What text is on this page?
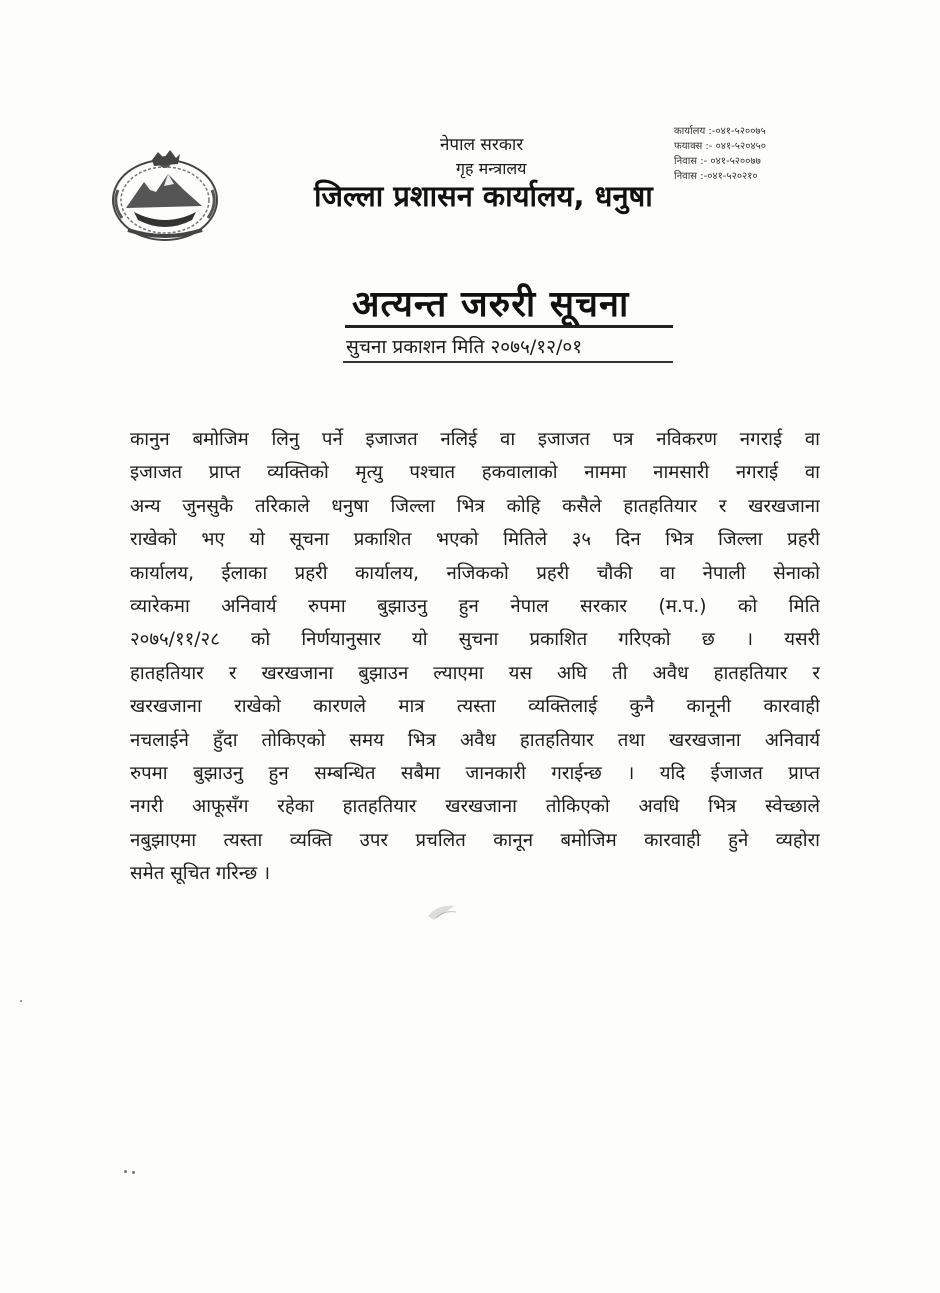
नेपाल सरकार
गृह मन्त्रालय
जिल्ला प्रशासन कार्यालय, धनुषा
कार्यालय :-०४१-५२००७५
फयाक्स :- ०४१-५२०४५०
निवास :- ०४१-५२००७७
निवास :-०४१-५२०२१०
अत्यन्त जरुरी सूचना
सुचना प्रकाशन मिति २०७५/१२/०१
कानुन बमोजिम लिनु पर्ने इजाजत नलिई वा इजाजत पत्र नविकरण नगराई वा
इजाजत प्राप्त व्यक्तिको मृत्यु पश्चात हकवालाको नाममा नामसारी नगराई वा
अन्य जुनसुकै तरिकाले धनुषा जिल्ला भित्र कोहि कसैले हातहतियार र खरखजाना
राखेको भए यो सूचना प्रकाशित भएको मितिले ३५ दिन भित्र जिल्ला प्रहरी
कार्यालय, ईलाका प्रहरी कार्यालय, नजिकको प्रहरी चौकी वा नेपाली सेनाको
व्यारेकमा अनिवार्य रुपमा बुझाउनु हुन नेपाल सरकार (म.प.) को मिति
२०७५/११/२८ को निर्णयानुसार यो सुचना प्रकाशित गरिएको छ । यसरी
हातहतियार र खरखजाना बुझाउन ल्याएमा यस अघि ती अवैध हातहतियार र
खरखजाना राखेको कारणले मात्र त्यस्ता व्यक्तिलाई कुनै कानूनी कारवाही
नचलाईने हुँदा तोकिएको समय भित्र अवैध हातहतियार तथा खरखजाना अनिवार्य
रुपमा बुझाउनु हुन सम्बन्धित सबैमा जानकारी गराईन्छ । यदि ईजाजत प्राप्त
नगरी आफूसँग रहेका हातहतियार खरखजाना तोकिएको अवधि भित्र स्वेच्छाले
नबुझाएमा त्यस्ता व्यक्ति उपर प्रचलित कानून बमोजिम कारवाही हुने व्यहोरा
समेत सूचित गरिन्छ ।
